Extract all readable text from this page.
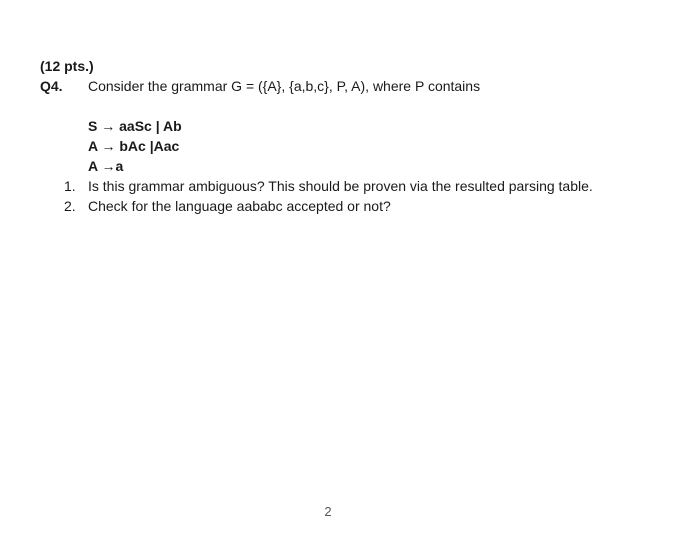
(12 pts.)
Q4. Consider the grammar G = ({A}, {a,b,c}, P, A), where P contains
S → aaSc | Ab
A → bAc |Aac
A →a
1. Is this grammar ambiguous? This should be proven via the resulted parsing table.
2. Check for the language aababc accepted or not?
2
